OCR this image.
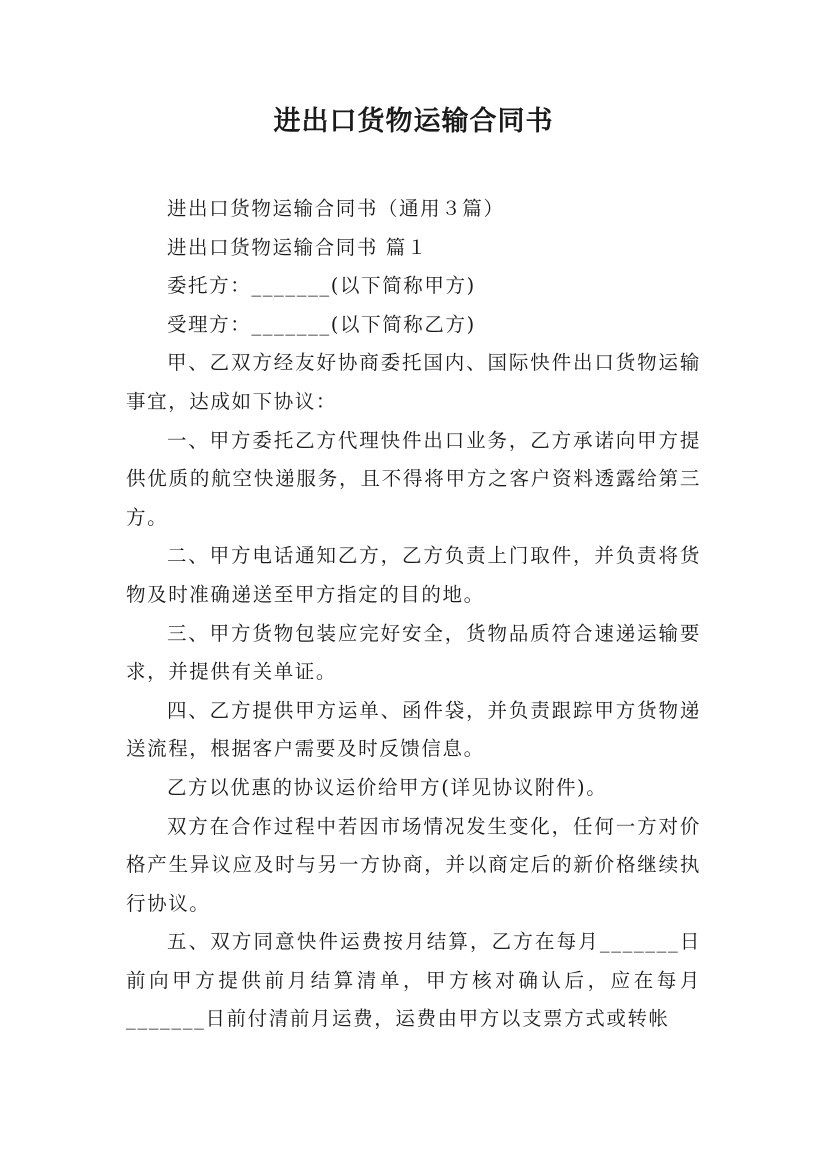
进出口货物运输合同书

进出口货物运输合同书（通用３篇）

进出口货物运输合同书 篇１

委托方：_______(以下简称甲方)

受理方：_______(以下简称乙方)

甲、乙双方经友好协商委托国内、国际快件出口货物运输事宜，达成如下协议：

一、甲方委托乙方代理快件出口业务，乙方承诺向甲方提供优质的航空快递服务，且不得将甲方之客户资料透露给第三方。

二、甲方电话通知乙方，乙方负责上门取件，并负责将货物及时准确递送至甲方指定的目的地。

三、甲方货物包装应完好安全，货物品质符合速递运输要求，并提供有关单证。

四、乙方提供甲方运单、函件袋，并负责跟踪甲方货物递送流程，根据客户需要及时反馈信息。

乙方以优惠的协议运价给甲方(详见协议附件)。

双方在合作过程中若因市场情况发生变化，任何一方对价格产生异议应及时与另一方协商，并以商定后的新价格继续执行协议。

五、双方同意快件运费按月结算，乙方在每月_______日前向甲方提供前月结算清单，甲方核对确认后，应在每月_______日前付清前月运费，运费由甲方以支票方式或转帐
